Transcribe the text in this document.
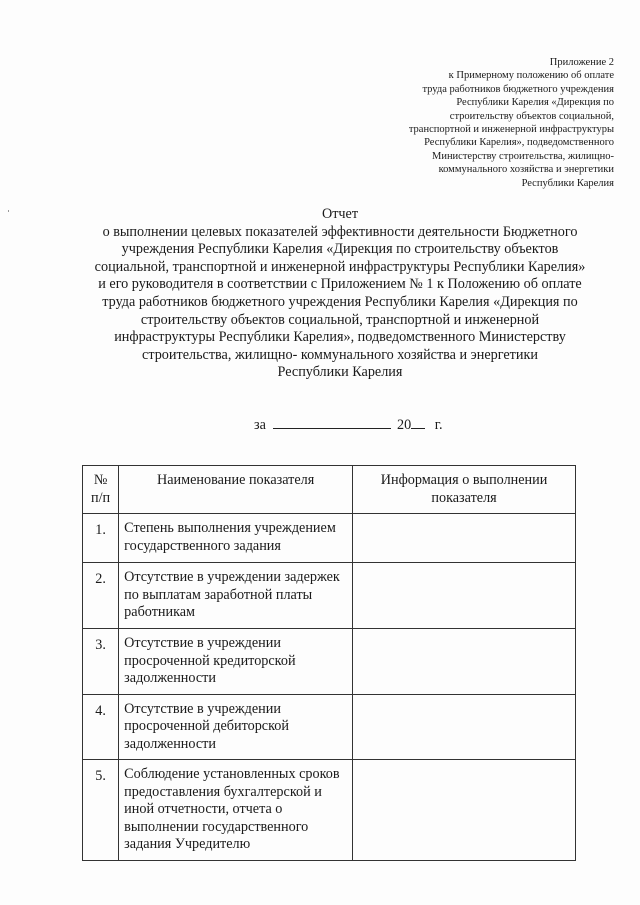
Приложение 2
к Примерному положению об оплате
труда работников бюджетного учреждения
Республики Карелия «Дирекция по
строительству объектов социальной,
транспортной и инженерной инфраструктуры
Республики Карелия», подведомственного
Министерству строительства, жилищно-
коммунального хозяйства и энергетики
Республики Карелия
Отчет
о выполнении целевых показателей эффективности деятельности Бюджетного
учреждения Республики Карелия «Дирекция по строительству объектов
социальной, транспортной и инженерной инфраструктуры Республики Карелия»
и его руководителя в соответствии с Приложением № 1 к Положению об оплате
труда работников бюджетного учреждения Республики Карелия «Дирекция по
строительству объектов социальной, транспортной и инженерной
инфраструктуры Республики Карелия», подведомственного Министерству
строительства, жилищно- коммунального хозяйства и энергетики
Республики Карелия
за	20 г.
№ п/п	Наименование показателя	Информация о выполнении показателя
1.	Степень выполнения учреждением государственного задания	
2.	Отсутствие в учреждении задержек по выплатам заработной платы работникам	
3.	Отсутствие в учреждении просроченной кредиторской задолженности	
4.	Отсутствие в учреждении просроченной дебиторской задолженности	
5.	Соблюдение установленных сроков предоставления бухгалтерской и иной отчетности, отчета о выполнении государственного задания Учредителю	
